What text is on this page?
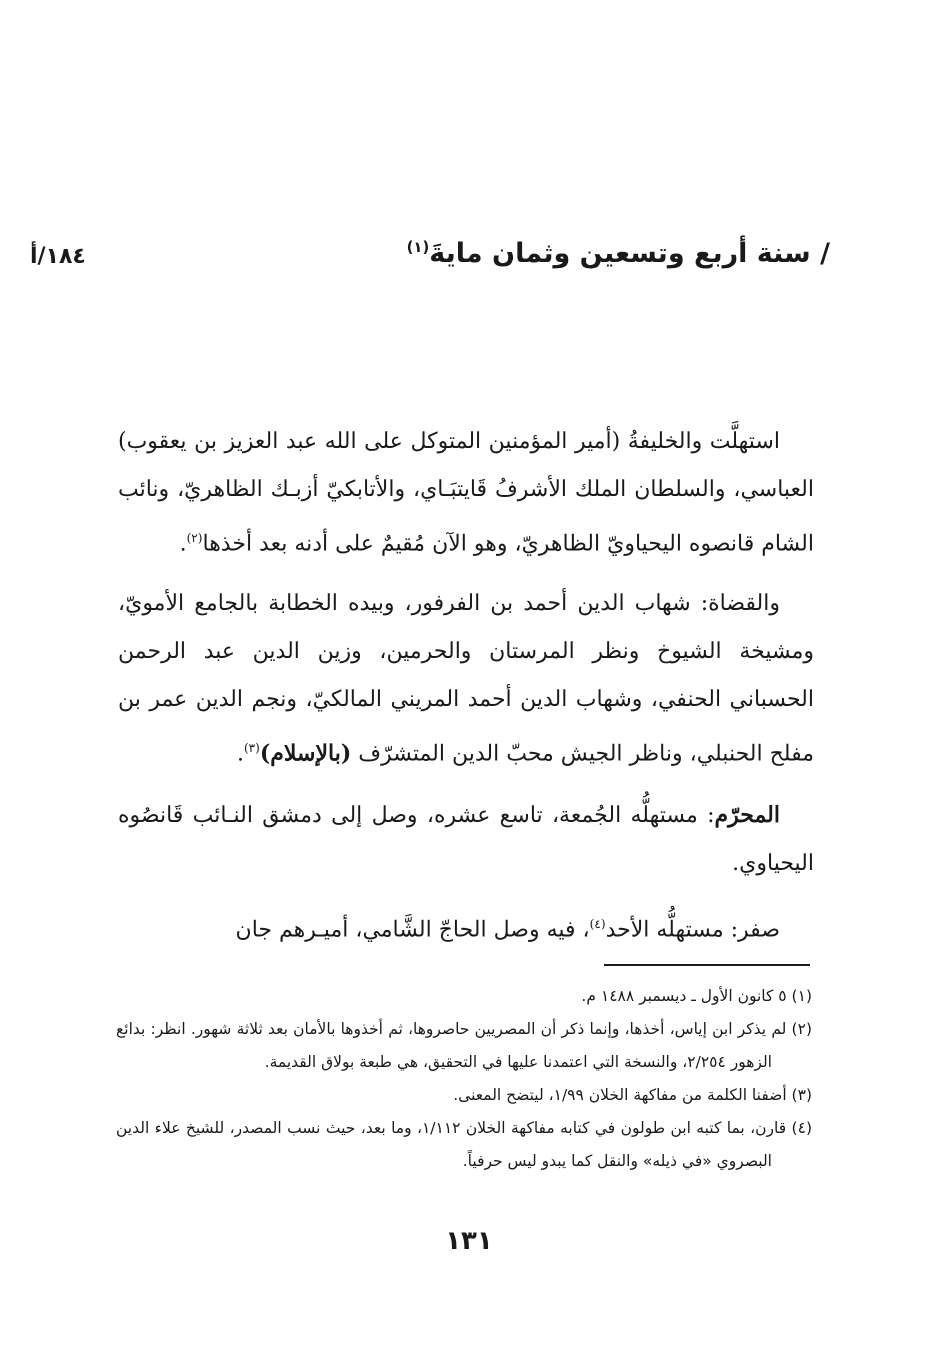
١٨٤/أ	/ سنة أربع وتسعين وثمان مايةَ$^{(١)}$

استهلَّت والخليفةُ (أمير المؤمنين المتوكل على الله عبد العزيز بن يعقوب) العباسي، والسلطان الملك الأشرفُ قَايتبَـاي، والأتابكيّ أزبـك الظاهريّ، ونائب الشام قانصوه اليحياويّ الظاهريّ، وهو الآن مُقيمٌ على أدنه بعد أخذها$^{(٢)}$.

والقضاة: شهاب الدين أحمد بن الفرفور، وبيده الخطابة بالجامع الأمويّ، ومشيخة الشيوخ ونظر المرستان والحرمين، وزين الدين عبد الرحمن الحسباني الحنفي، وشهاب الدين أحمد المريني المالكيّ، ونجم الدين عمر بن مفلح الحنبلي، وناظر الجيش محبّ الدين المتشرّف (بالإسلام)$^{(٣)}$.

المحرّم: مستهلُّه الجُمعة، تاسع عشره، وصل إلى دمشق النـائب قَانصُوه اليحياوي.

صفر: مستهلُّه الأحد$^{(٤)}$، فيه وصل الحاجّ الشَّامي، أميـرهم جان

(١) ٥ كانون الأول ـ ديسمبر ١٤٨٨ م.
(٢) لم يذكر ابن إياس، أخذها، وإنما ذكر أن المصريين حاصروها، ثم أخذوها بالأمان بعد ثلاثة شهور. انظر: بدائع الزهور ٢/٢٥٤، والنسخة التي اعتمدنا عليها في التحقيق، هي طبعة بولاق القديمة.
(٣) أضفنا الكلمة من مفاكهة الخلان ١/٩٩، ليتضح المعنى.
(٤) قارن، بما كتبه ابن طولون في كتابه مفاكهة الخلان ١/١١٢، وما بعد، حيث نسب المصدر، للشيخ علاء الدين البصروي «في ذيله» والنقل كما يبدو ليس حرفياً.
١٣١
